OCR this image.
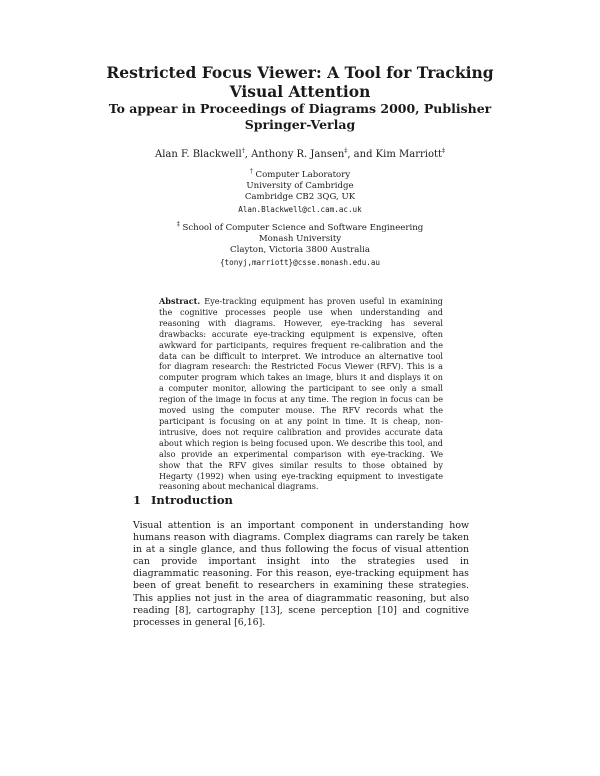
Restricted Focus Viewer: A Tool for Tracking
Visual Attention
To appear in Proceedings of Diagrams 2000, Publisher
Springer-Verlag
Alan F. Blackwell†, Anthony R. Jansen‡, and Kim Marriott‡
† Computer Laboratory
University of Cambridge
Cambridge CB2 3QG, UK
Alan.Blackwell@cl.cam.ac.uk
‡ School of Computer Science and Software Engineering
Monash University
Clayton, Victoria 3800 Australia
{tonyj,marriott}@csse.monash.edu.au
Abstract. Eye-tracking equipment has proven useful in examining the cognitive processes people use when understanding and reasoning with diagrams. However, eye-tracking has several drawbacks: accurate eye-tracking equipment is expensive, often awkward for participants, requires frequent re-calibration and the data can be difficult to interpret. We introduce an alternative tool for diagram research: the Restricted Focus Viewer (RFV). This is a computer program which takes an image, blurs it and displays it on a computer monitor, allowing the participant to see only a small region of the image in focus at any time. The region in focus can be moved using the computer mouse. The RFV records what the participant is focusing on at any point in time. It is cheap, non-intrusive, does not require calibration and provides accurate data about which region is being focused upon. We describe this tool, and also provide an experimental comparison with eye-tracking. We show that the RFV gives similar results to those obtained by Hegarty (1992) when using eye-tracking equipment to investigate reasoning about mechanical diagrams.
1 Introduction
Visual attention is an important component in understanding how humans reason with diagrams. Complex diagrams can rarely be taken in at a single glance, and thus following the focus of visual attention can provide important insight into the strategies used in diagrammatic reasoning. For this reason, eye-tracking equipment has been of great benefit to researchers in examining these strategies. This applies not just in the area of diagrammatic reasoning, but also reading [8], cartography [13], scene perception [10] and cognitive processes in general [6,16].
